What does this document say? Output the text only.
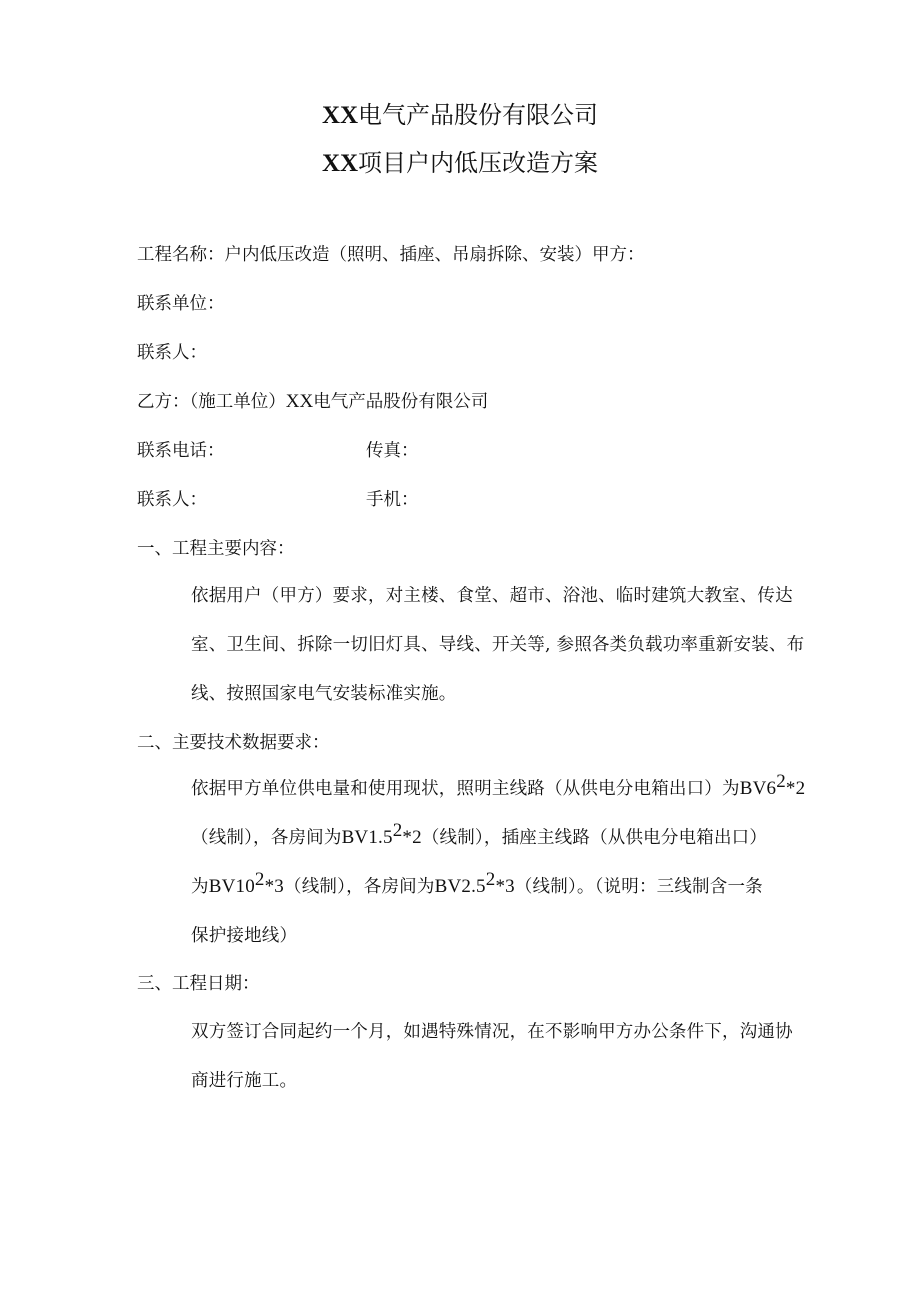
XX电气产品股份有限公司
XX项目户内低压改造方案
工程名称：户内低压改造（照明、插座、吊扇拆除、安装）甲方：
联系单位：
联系人：
乙方：（施工单位）XX电气产品股份有限公司
联系电话：	传真：
联系人：	手机：
一、工程主要内容：
依据用户（甲方）要求，对主楼、食堂、超市、浴池、临时建筑大教室、传达
室、卫生间、拆除一切旧灯具、导线、开关等, 参照各类负载功率重新安装、布
线、按照国家电气安装标准实施。
二、主要技术数据要求：
依据甲方单位供电量和使用现状，照明主线路（从供电分电箱出口）为$BV6^2*2$
（线制），各房间为$BV1.5^2*2$（线制），插座主线路（从供电分电箱出口）
为$BV10^2*3$（线制），各房间为$BV2.5^2*3$（线制）。（说明：三线制含一条
保护接地线）
三、工程日期：
双方签订合同起约一个月，如遇特殊情况，在不影响甲方办公条件下，沟通协
商进行施工。
